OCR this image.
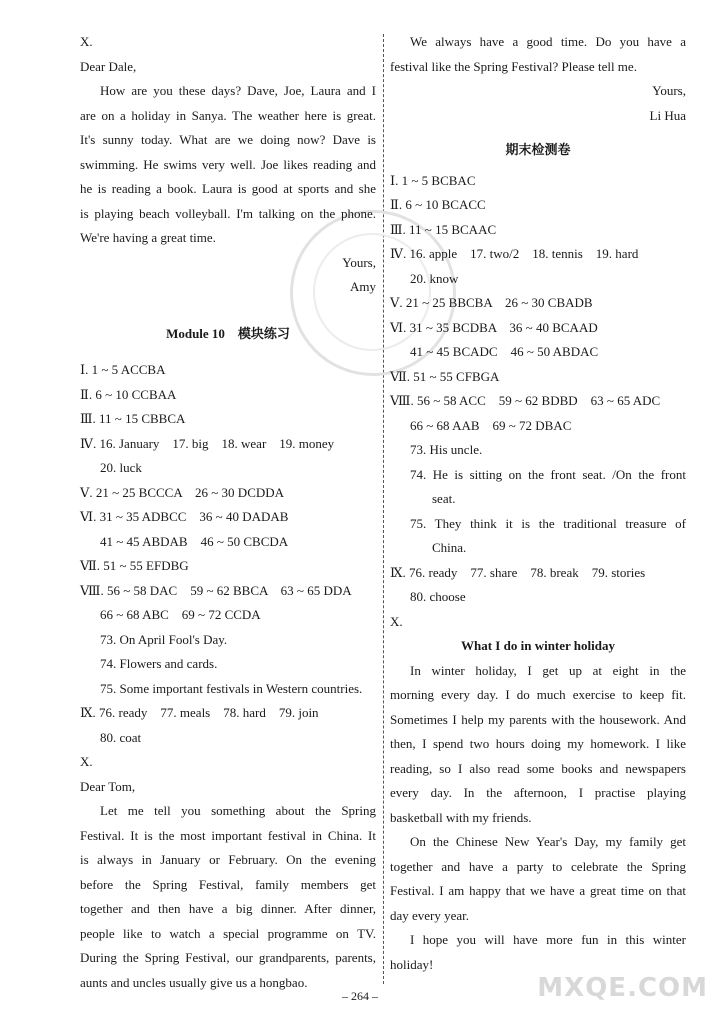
MXQE.COM
X.
Dear Dale,
How are you these days? Dave, Joe, Laura and I
are on a holiday in Sanya. The weather here is great.
It's sunny today. What are we doing now? Dave is
swimming. He swims very well. Joe likes reading and
he is reading a book. Laura is good at sports and she
is playing beach volleyball. I'm talking on the phone.
We're having a great time.
Yours,
Amy
Module 10　模块练习
Ⅰ. 1 ~ 5 ACCBA
Ⅱ. 6 ~ 10 CCBAA
Ⅲ. 11 ~ 15 CBBCA
Ⅳ. 16. January　17. big　18. wear　19. money
20. luck
Ⅴ. 21 ~ 25 BCCCA　26 ~ 30 DCDDA
Ⅵ. 31 ~ 35 ADBCC　36 ~ 40 DADAB
41 ~ 45 ABDAB　46 ~ 50 CBCDA
Ⅶ. 51 ~ 55 EFDBG
Ⅷ. 56 ~ 58 DAC　59 ~ 62 BBCA　63 ~ 65 DDA
66 ~ 68 ABC　69 ~ 72 CCDA
73. On April Fool's Day.
74. Flowers and cards.
75. Some important festivals in Western countries.
Ⅸ. 76. ready　77. meals　78. hard　79. join
80. coat
X.
Dear Tom,
Let me tell you something about the Spring
Festival. It is the most important festival in China. It
is always in January or February. On the evening
before the Spring Festival, family members get
together and then have a big dinner. After dinner,
people like to watch a special programme on TV.
During the Spring Festival, our grandparents, parents,
aunts and uncles usually give us a hongbao.
We always have a good time. Do you have a
festival like the Spring Festival? Please tell me.
Yours,
Li Hua
期末检测卷
Ⅰ. 1 ~ 5 BCBAC
Ⅱ. 6 ~ 10 BCACC
Ⅲ. 11 ~ 15 BCAAC
Ⅳ. 16. apple　17. two/2　18. tennis　19. hard
20. know
Ⅴ. 21 ~ 25 BBCBA　26 ~ 30 CBADB
Ⅵ. 31 ~ 35 BCDBA　36 ~ 40 BCAAD
41 ~ 45 BCADC　46 ~ 50 ABDAC
Ⅶ. 51 ~ 55 CFBGA
Ⅷ. 56 ~ 58 ACC　59 ~ 62 BDBD　63 ~ 65 ADC
66 ~ 68 AAB　69 ~ 72 DBAC
73. His uncle.
74. He is sitting on the front seat. /On the front
seat.
75. They think it is the traditional treasure of
China.
Ⅸ. 76. ready　77. share　78. break　79. stories
80. choose
X.
What I do in winter holiday
In winter holiday, I get up at eight in the
morning every day. I do much exercise to keep fit.
Sometimes I help my parents with the housework. And
then, I spend two hours doing my homework. I like
reading, so I also read some books and newspapers
every day. In the afternoon, I practise playing
basketball with my friends.
On the Chinese New Year's Day, my family get
together and have a party to celebrate the Spring
Festival. I am happy that we have a great time on that
day every year.
I hope you will have more fun in this winter
holiday!
– 264 –
